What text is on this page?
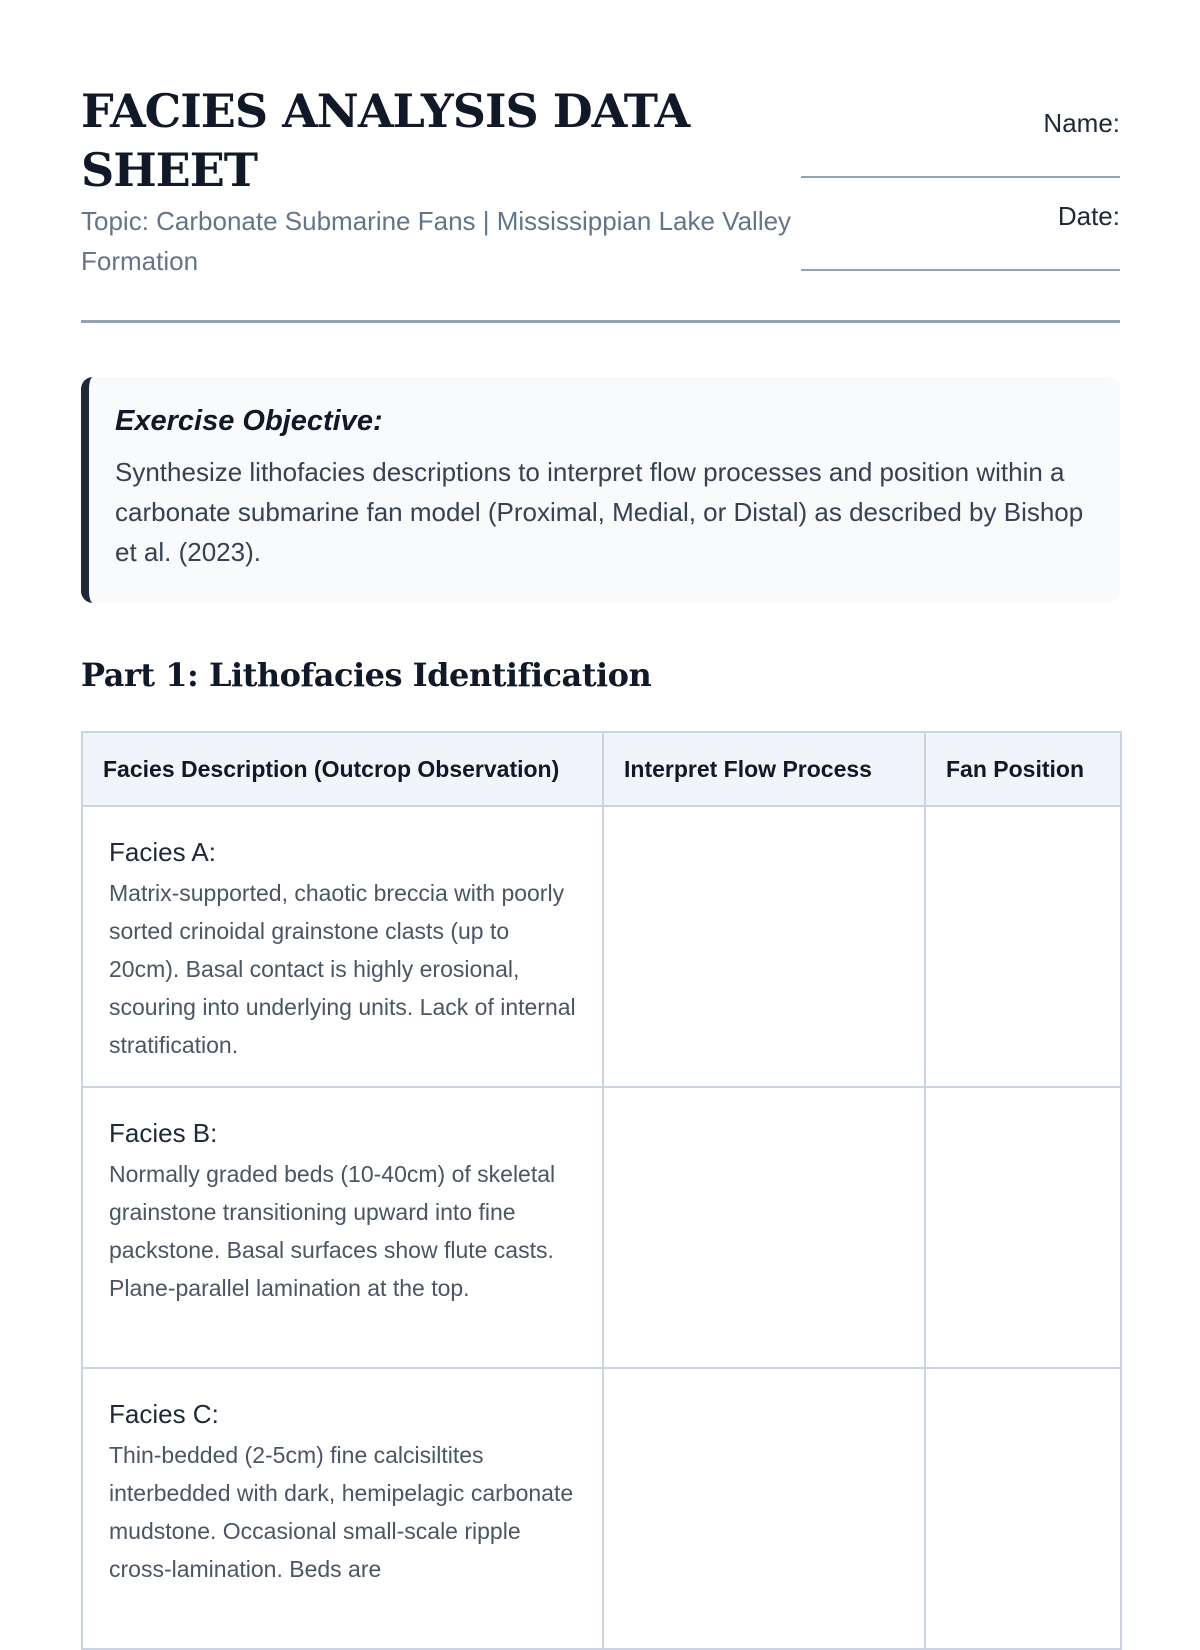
FACIES ANALYSIS DATA SHEET
Topic: Carbonate Submarine Fans | Mississippian Lake Valley Formation
Name:
Date:

Exercise Objective:

Synthesize lithofacies descriptions to interpret flow processes and position within a carbonate submarine fan model (Proximal, Medial, or Distal) as described by Bishop et al. (2023).

Part 1: Lithofacies Identification
Facies Description (Outcrop Observation)	Interpret Flow Process	Fan Position

Facies A:

Matrix-supported, chaotic breccia with poorly sorted crinoidal grainstone clasts (up to 20cm). Basal contact is highly erosional, scouring into underlying units. Lack of internal stratification.		

Facies B:

Normally graded beds (10-40cm) of skeletal grainstone transitioning upward into fine packstone. Basal surfaces show flute casts. Plane-parallel lamination at the top.		

Facies C:

Thin-bedded (2-5cm) fine calcisiltites interbedded with dark, hemipelagic carbonate mudstone. Occasional small-scale ripple cross-lamination. Beds are		
